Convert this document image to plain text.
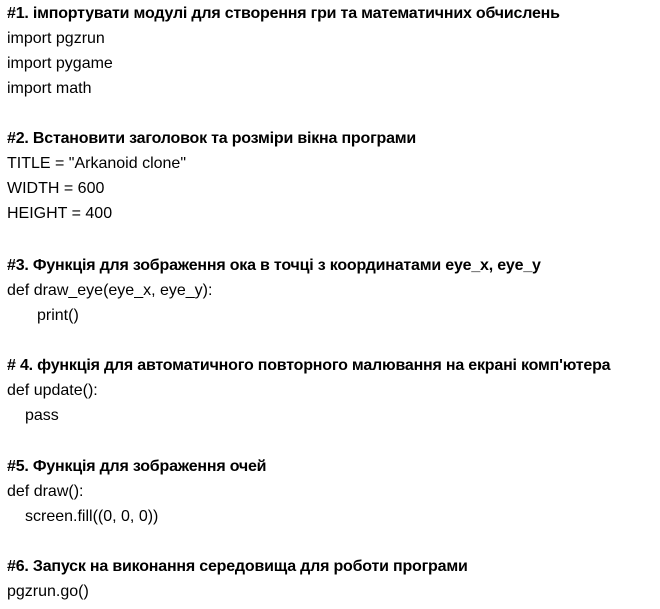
#1. імпортувати модулі для створення гри та математичних обчислень
import pgzrun
import pygame
import math
#2. Встановити заголовок та розміри вікна програми
TITLE = "Arkanoid clone"
WIDTH = 600
HEIGHT = 400
#3. Функція для зображення ока в точці з координатами eye_x, eye_y
def draw_eye(eye_x, eye_y):
print()
# 4. функція для автоматичного повторного малювання на екрані комп'ютера
def update():
pass
#5. Функція для зображення очей
def draw():
screen.fill((0, 0, 0))
#6. Запуск на виконання середовища для роботи програми
pgzrun.go()
